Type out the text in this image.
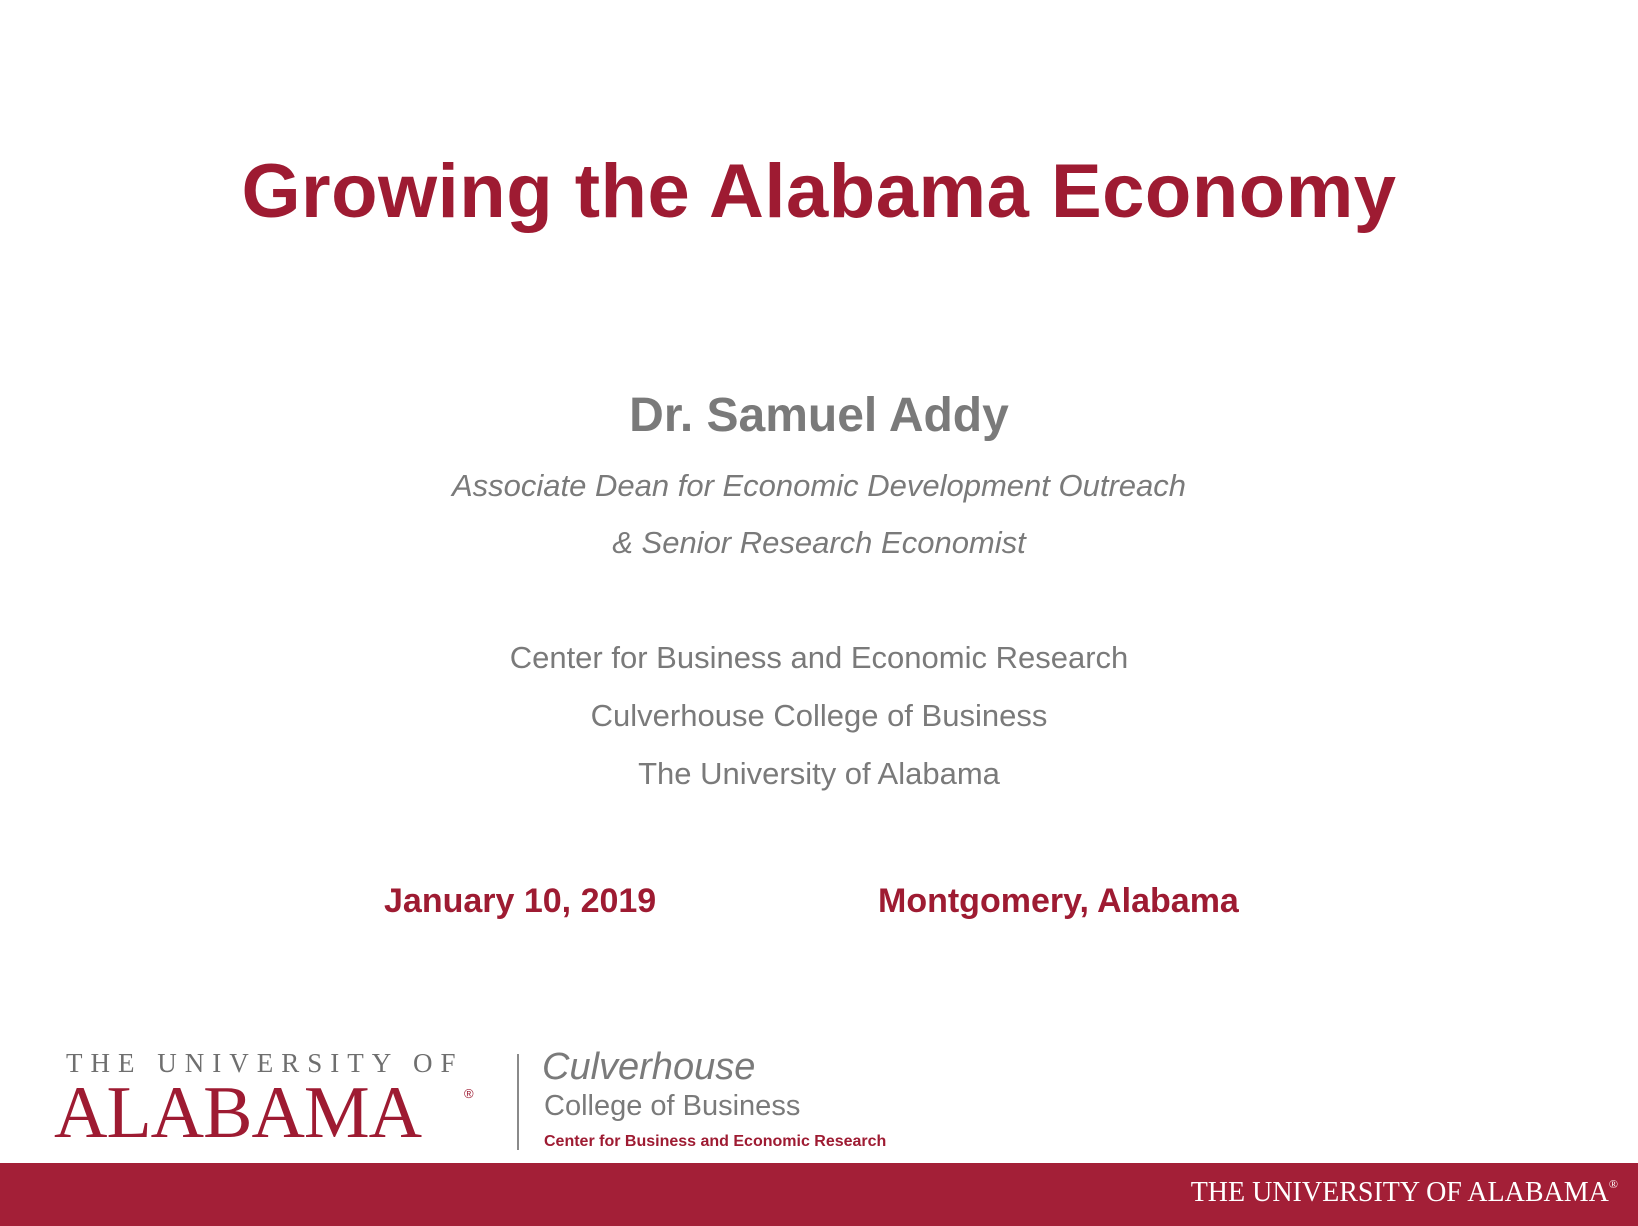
Growing the Alabama Economy
Dr. Samuel Addy
Associate Dean for Economic Development Outreach
& Senior Research Economist
Center for Business and Economic Research
Culverhouse College of Business
The University of Alabama
January 10, 2019	Montgomery, Alabama
THE UNIVERSITY OF
ALABAMA	®
Culverhouse
College of Business
Center for Business and Economic Research
THE UNIVERSITY OF ALABAMA®
